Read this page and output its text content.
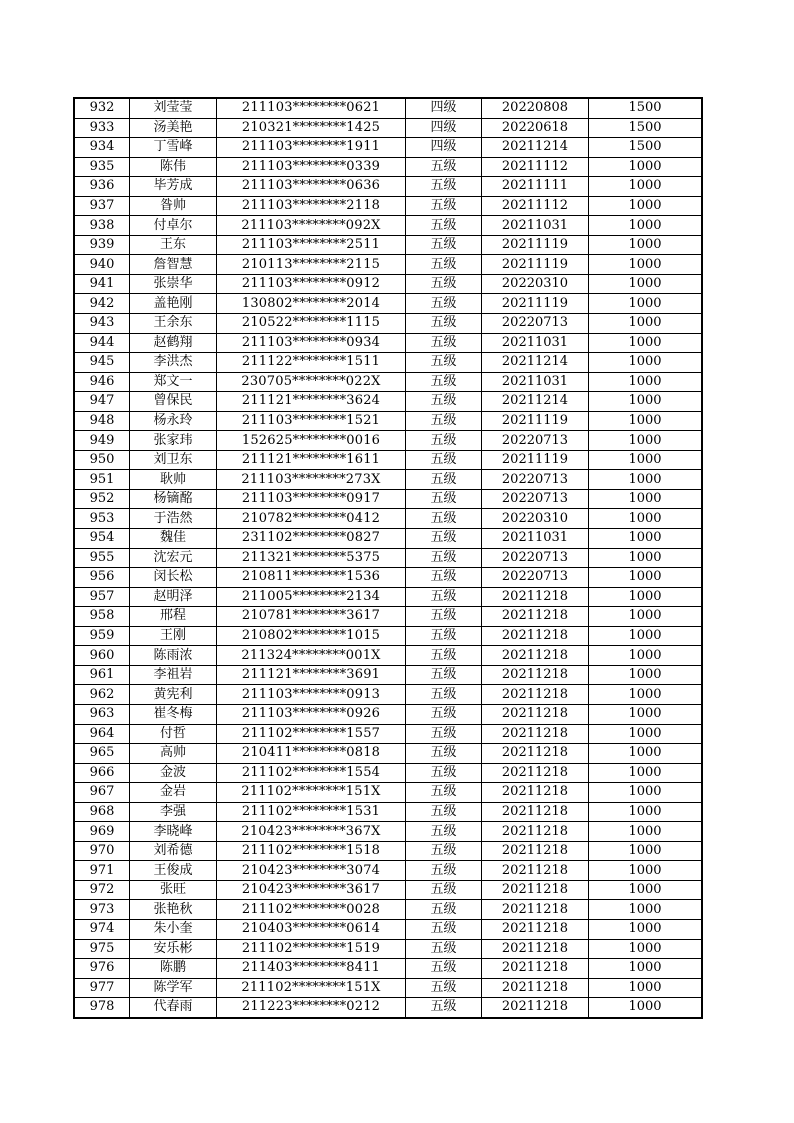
932	刘莹莹	211103********0621	四级	20220808	1500
933	汤美艳	210321********1425	四级	20220618	1500
934	丁雪峰	211103********1911	四级	20211214	1500
935	陈伟	211103********0339	五级	20211112	1000
936	毕芳成	211103********0636	五级	20211111	1000
937	昝帅	211103********2118	五级	20211112	1000
938	付卓尔	211103********092X	五级	20211031	1000
939	王东	211103********2511	五级	20211119	1000
940	詹智慧	210113********2115	五级	20211119	1000
941	张崇华	211103********0912	五级	20220310	1000
942	盖艳刚	130802********2014	五级	20211119	1000
943	王余东	210522********1115	五级	20220713	1000
944	赵鹤翔	211103********0934	五级	20211031	1000
945	李洪杰	211122********1511	五级	20211214	1000
946	郑文一	230705********022X	五级	20211031	1000
947	曾保民	211121********3624	五级	20211214	1000
948	杨永玲	211103********1521	五级	20211119	1000
949	张家玮	152625********0016	五级	20220713	1000
950	刘卫东	211121********1611	五级	20211119	1000
951	耿帅	211103********273X	五级	20220713	1000
952	杨镝酩	211103********0917	五级	20220713	1000
953	于浩然	210782********0412	五级	20220310	1000
954	魏佳	231102********0827	五级	20211031	1000
955	沈宏元	211321********5375	五级	20220713	1000
956	闵长松	210811********1536	五级	20220713	1000
957	赵明泽	211005********2134	五级	20211218	1000
958	邢程	210781********3617	五级	20211218	1000
959	王刚	210802********1015	五级	20211218	1000
960	陈雨浓	211324********001X	五级	20211218	1000
961	李祖岩	211121********3691	五级	20211218	1000
962	黄宪利	211103********0913	五级	20211218	1000
963	崔冬梅	211103********0926	五级	20211218	1000
964	付哲	211102********1557	五级	20211218	1000
965	高帅	210411********0818	五级	20211218	1000
966	金波	211102********1554	五级	20211218	1000
967	金岩	211102********151X	五级	20211218	1000
968	李强	211102********1531	五级	20211218	1000
969	李晓峰	210423********367X	五级	20211218	1000
970	刘希德	211102********1518	五级	20211218	1000
971	王俊成	210423********3074	五级	20211218	1000
972	张旺	210423********3617	五级	20211218	1000
973	张艳秋	211102********0028	五级	20211218	1000
974	朱小奎	210403********0614	五级	20211218	1000
975	安乐彬	211102********1519	五级	20211218	1000
976	陈鹏	211403********8411	五级	20211218	1000
977	陈学军	211102********151X	五级	20211218	1000
978	代春雨	211223********0212	五级	20211218	1000
